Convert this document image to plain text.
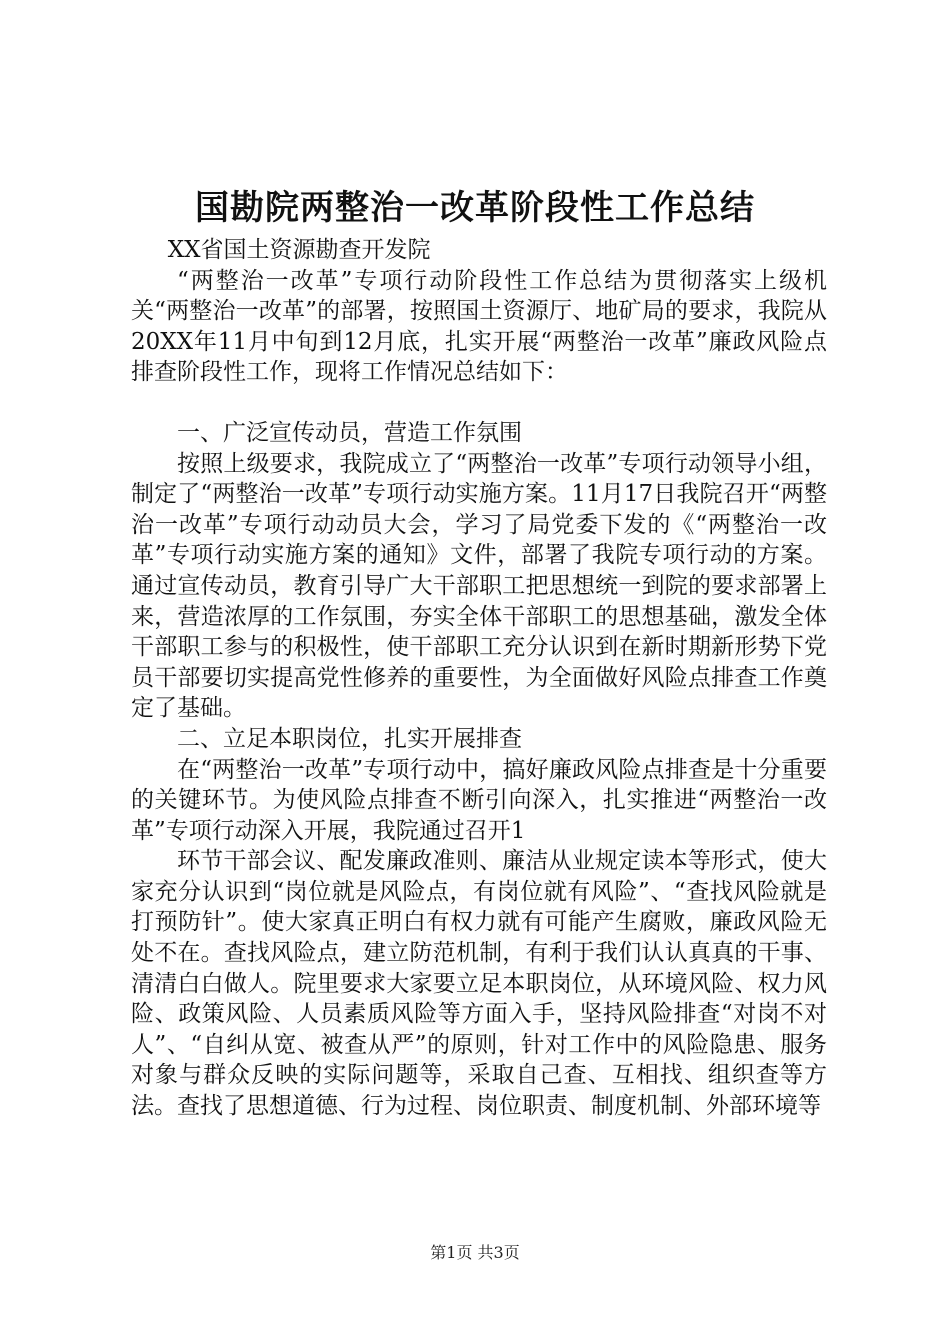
国勘院两整治一改革阶段性工作总结

XX省国土资源勘查开发院

“两整治一改革”专项行动阶段性工作总结为贯彻落实上级机关“两整治一改革”的部署，按照国土资源厅、地矿局的要求，我院从20XX年11月中旬到12月底，扎实开展“两整治一改革”廉政风险点排查阶段性工作，现将工作情况总结如下：

一、广泛宣传动员，营造工作氛围

按照上级要求，我院成立了“两整治一改革”专项行动领导小组，制定了“两整治一改革”专项行动实施方案。11月17日我院召开“两整治一改革”专项行动动员大会，学习了局党委下发的《“两整治一改革”专项行动实施方案的通知》文件，部署了我院专项行动的方案。通过宣传动员，教育引导广大干部职工把思想统一到院的要求部署上来，营造浓厚的工作氛围，夯实全体干部职工的思想基础，激发全体干部职工参与的积极性，使干部职工充分认识到在新时期新形势下党员干部要切实提高党性修养的重要性，为全面做好风险点排查工作奠定了基础。

二、立足本职岗位，扎实开展排查

在“两整治一改革”专项行动中，搞好廉政风险点排查是十分重要的关键环节。为使风险点排查不断引向深入，扎实推进“两整治一改革”专项行动深入开展，我院通过召开1

环节干部会议、配发廉政准则、廉洁从业规定读本等形式，使大家充分认识到“岗位就是风险点，有岗位就有风险”、“查找风险就是打预防针”。使大家真正明白有权力就有可能产生腐败，廉政风险无处不在。查找风险点，建立防范机制，有利于我们认认真真的干事、清清白白做人。院里要求大家要立足本职岗位，从环境风险、权力风险、政策风险、人员素质风险等方面入手，坚持风险排查“对岗不对人”、“自纠从宽、被查从严”的原则，针对工作中的风险隐患、服务对象与群众反映的实际问题等，采取自己查、互相找、组织查等方法。查找了思想道德、行为过程、岗位职责、制度机制、外部环境等

第1页 共3页
